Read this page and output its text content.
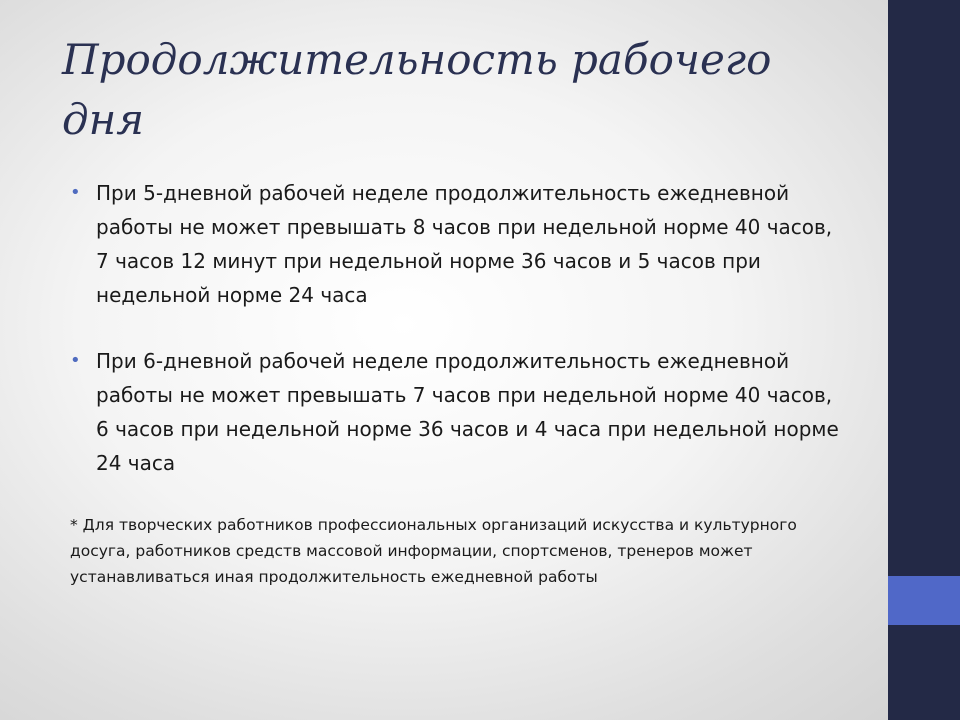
Продолжительность рабочего дня
• При 5-дневной рабочей неделе продолжительность ежедневной работы не может превышать 8 часов при недельной норме 40 часов, 7 часов 12 минут при недельной норме 36 часов и 5 часов при недельной норме 24 часа
• При 6-дневной рабочей неделе продолжительность ежедневной работы не может превышать 7 часов при недельной норме 40 часов, 6 часов при недельной норме 36 часов и 4 часа при недельной норме 24 часа

* Для творческих работников профессиональных организаций искусства и культурного досуга, работников средств массовой информации, спортсменов, тренеров может устанавливаться иная продолжительность ежедневной работы
